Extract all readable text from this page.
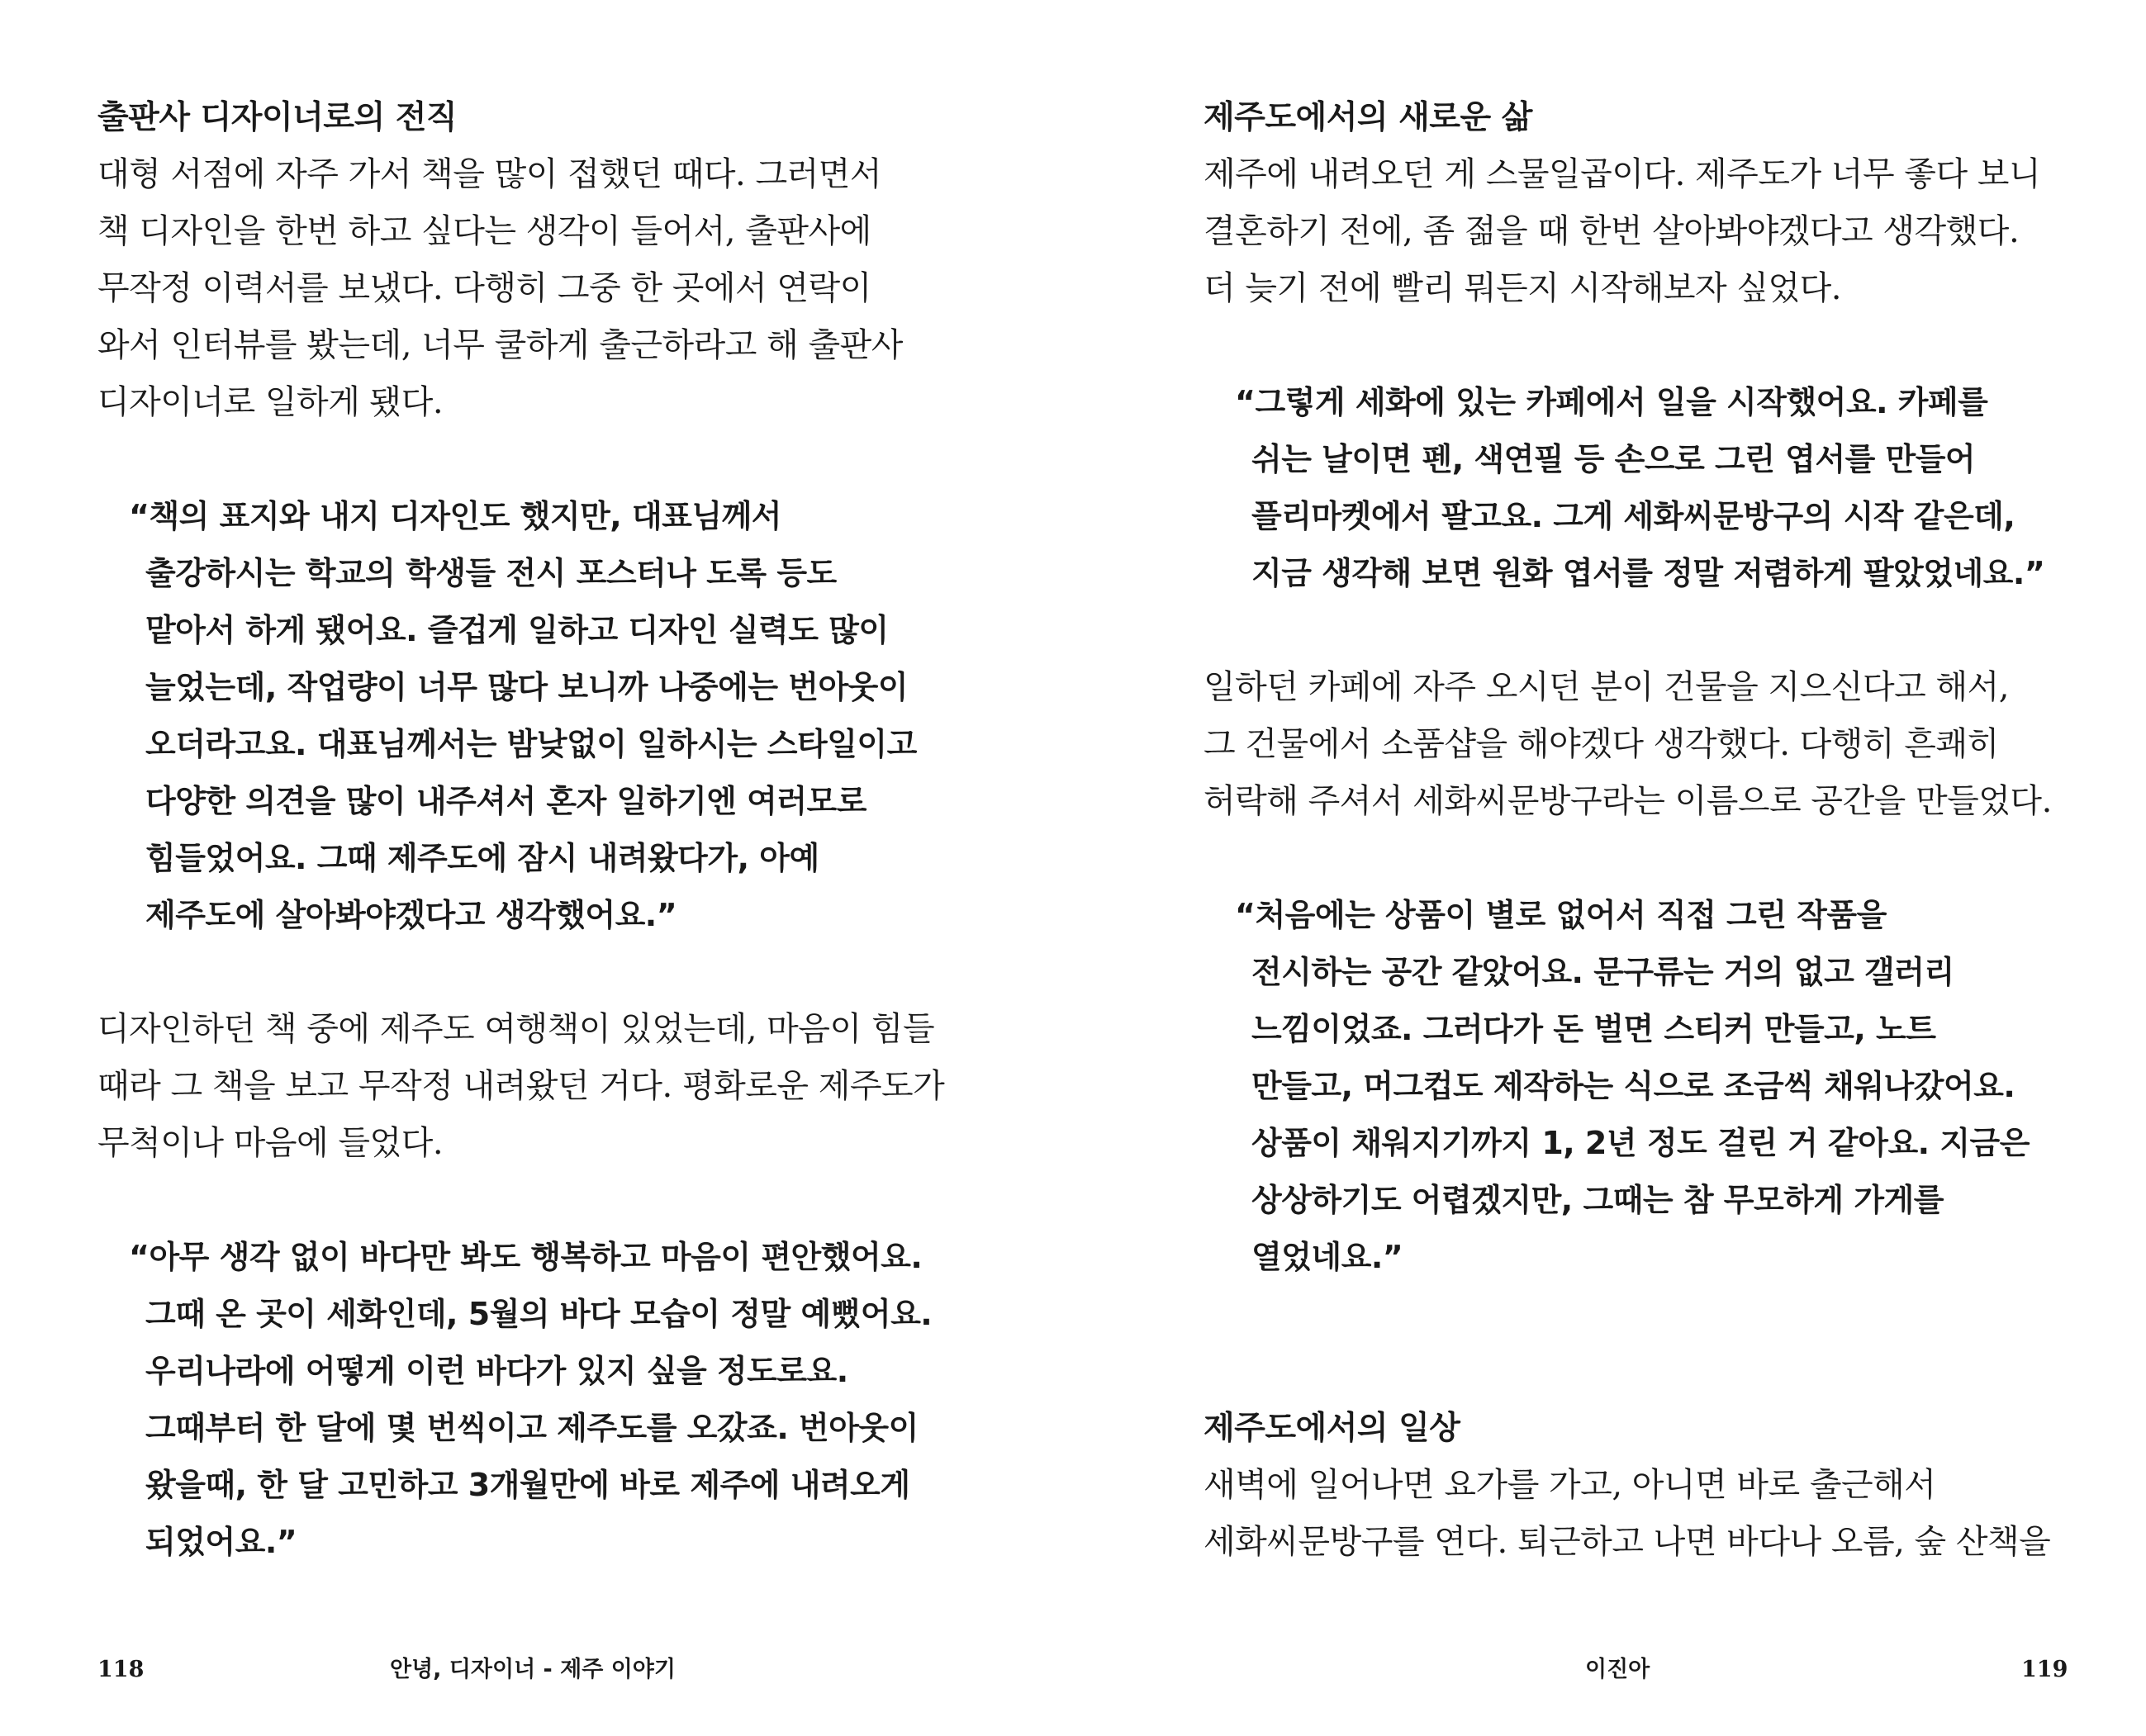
출판사 디자이너로의 전직

대형 서점에 자주 가서 책을 많이 접했던 때다. 그러면서
책 디자인을 한번 하고 싶다는 생각이 들어서, 출판사에
무작정 이력서를 보냈다. 다행히 그중 한 곳에서 연락이
와서 인터뷰를 봤는데, 너무 쿨하게 출근하라고 해 출판사
디자이너로 일하게 됐다.

“책의 표지와 내지 디자인도 했지만, 대표님께서
출강하시는 학교의 학생들 전시 포스터나 도록 등도
맡아서 하게 됐어요. 즐겁게 일하고 디자인 실력도 많이
늘었는데, 작업량이 너무 많다 보니까 나중에는 번아웃이
오더라고요. 대표님께서는 밤낮없이 일하시는 스타일이고
다양한 의견을 많이 내주셔서 혼자 일하기엔 여러모로
힘들었어요. 그때 제주도에 잠시 내려왔다가, 아예
제주도에 살아봐야겠다고 생각했어요.”

디자인하던 책 중에 제주도 여행책이 있었는데, 마음이 힘들
때라 그 책을 보고 무작정 내려왔던 거다. 평화로운 제주도가
무척이나 마음에 들었다.

“아무 생각 없이 바다만 봐도 행복하고 마음이 편안했어요.
그때 온 곳이 세화인데, 5월의 바다 모습이 정말 예뻤어요.
우리나라에 어떻게 이런 바다가 있지 싶을 정도로요.
그때부터 한 달에 몇 번씩이고 제주도를 오갔죠. 번아웃이
왔을때, 한 달 고민하고 3개월만에 바로 제주에 내려오게
되었어요.”

118	안녕, 디자이너 - 제주 이야기

제주도에서의 새로운 삶

제주에 내려오던 게 스물일곱이다. 제주도가 너무 좋다 보니
결혼하기 전에, 좀 젊을 때 한번 살아봐야겠다고 생각했다.
더 늦기 전에 빨리 뭐든지 시작해보자 싶었다.

“그렇게 세화에 있는 카페에서 일을 시작했어요. 카페를
쉬는 날이면 펜, 색연필 등 손으로 그린 엽서를 만들어
플리마켓에서 팔고요. 그게 세화씨문방구의 시작 같은데,
지금 생각해 보면 원화 엽서를 정말 저렴하게 팔았었네요.”

일하던 카페에 자주 오시던 분이 건물을 지으신다고 해서,
그 건물에서 소품샵을 해야겠다 생각했다. 다행히 흔쾌히
허락해 주셔서 세화씨문방구라는 이름으로 공간을 만들었다.

“처음에는 상품이 별로 없어서 직접 그린 작품을
전시하는 공간 같았어요. 문구류는 거의 없고 갤러리
느낌이었죠. 그러다가 돈 벌면 스티커 만들고, 노트
만들고, 머그컵도 제작하는 식으로 조금씩 채워나갔어요.
상품이 채워지기까지 1, 2년 정도 걸린 거 같아요. 지금은
상상하기도 어렵겠지만, 그때는 참 무모하게 가게를
열었네요.”

제주도에서의 일상

새벽에 일어나면 요가를 가고, 아니면 바로 출근해서
세화씨문방구를 연다. 퇴근하고 나면 바다나 오름, 숲 산책을

이진아	119
